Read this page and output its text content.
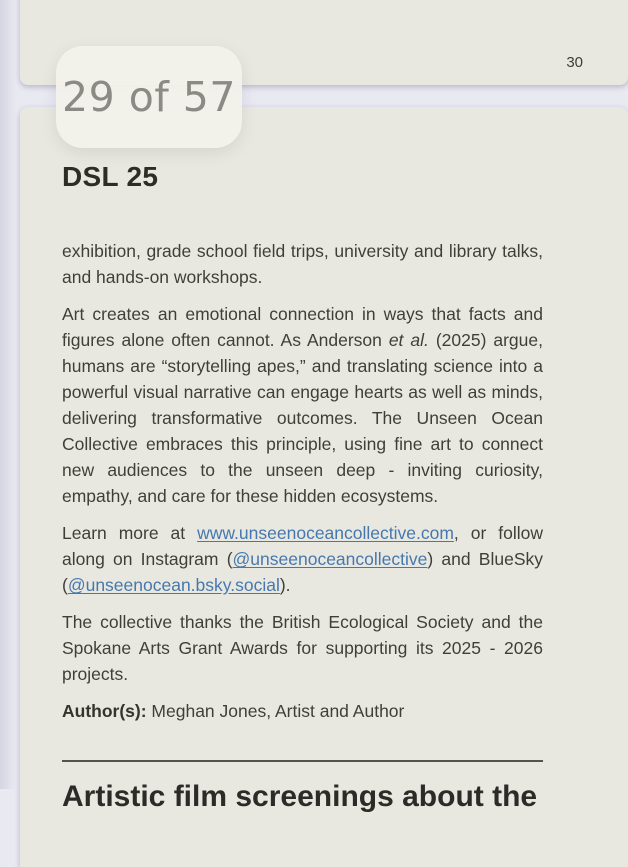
30
DSL 25

exhibition, grade school field trips, university and library talks, and hands-on workshops.

Art creates an emotional connection in ways that facts and figures alone often cannot. As Anderson et al. (2025) argue, humans are “storytelling apes,” and translating science into a powerful visual narrative can engage hearts as well as minds, delivering transformative outcomes. The Unseen Ocean Collective embraces this principle, using fine art to connect new audiences to the unseen deep - inviting curiosity, empathy, and care for these hidden ecosystems.

Learn more at www.unseenoceancollective.com, or follow along on Instagram (@unseenoceancollective) and BlueSky (@unseenocean.bsky.social).

The collective thanks the British Ecological Society and the Spokane Arts Grant Awards for supporting its 2025 - 2026 projects.

Author(s): Meghan Jones, Artist and Author

Artistic film screenings about the
29 of 57
